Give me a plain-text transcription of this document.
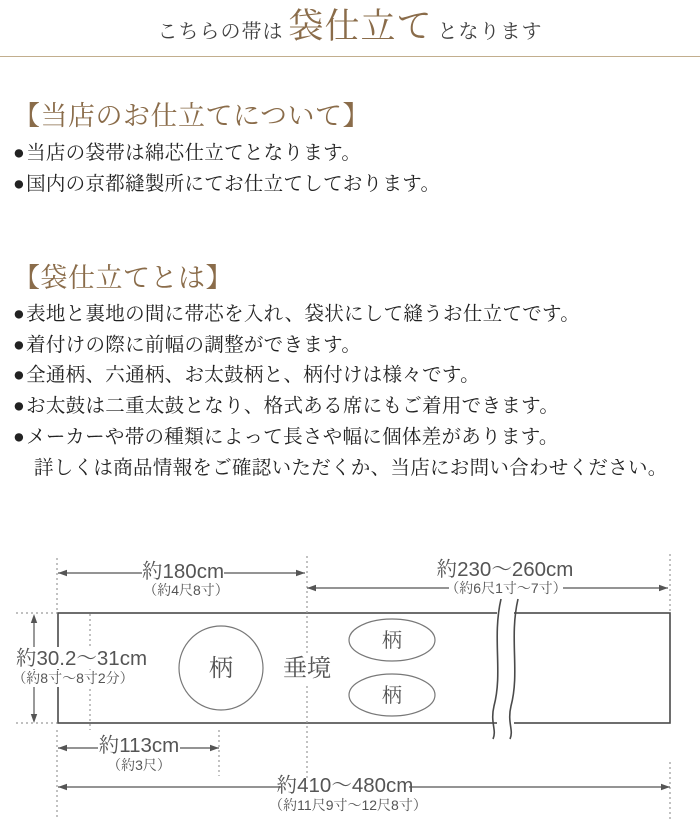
こちらの帯は 袋仕立て となります
【当店のお仕立てについて】
●当店の袋帯は綿芯仕立てとなります。
●国内の京都縫製所にてお仕立てしております。
【袋仕立てとは】
●表地と裏地の間に帯芯を入れ、袋状にして縫うお仕立てです。
●着付けの際に前幅の調整ができます。
●全通柄、六通柄、お太鼓柄と、柄付けは様々です。
●お太鼓は二重太鼓となり、格式ある席にもご着用できます。
●メーカーや帯の種類によって長さや幅に個体差があります。
詳しくは商品情報をご確認いただくか、当店にお問い合わせください。
約180cm
（約4尺8寸）
約230〜260cm
（約6尺1寸〜7寸）
約30.2〜31cm
（約8寸〜8寸2分）
約113cm
（約3尺）
約410〜480cm
（約11尺9寸〜12尺8寸）
柄 垂境
柄
柄
